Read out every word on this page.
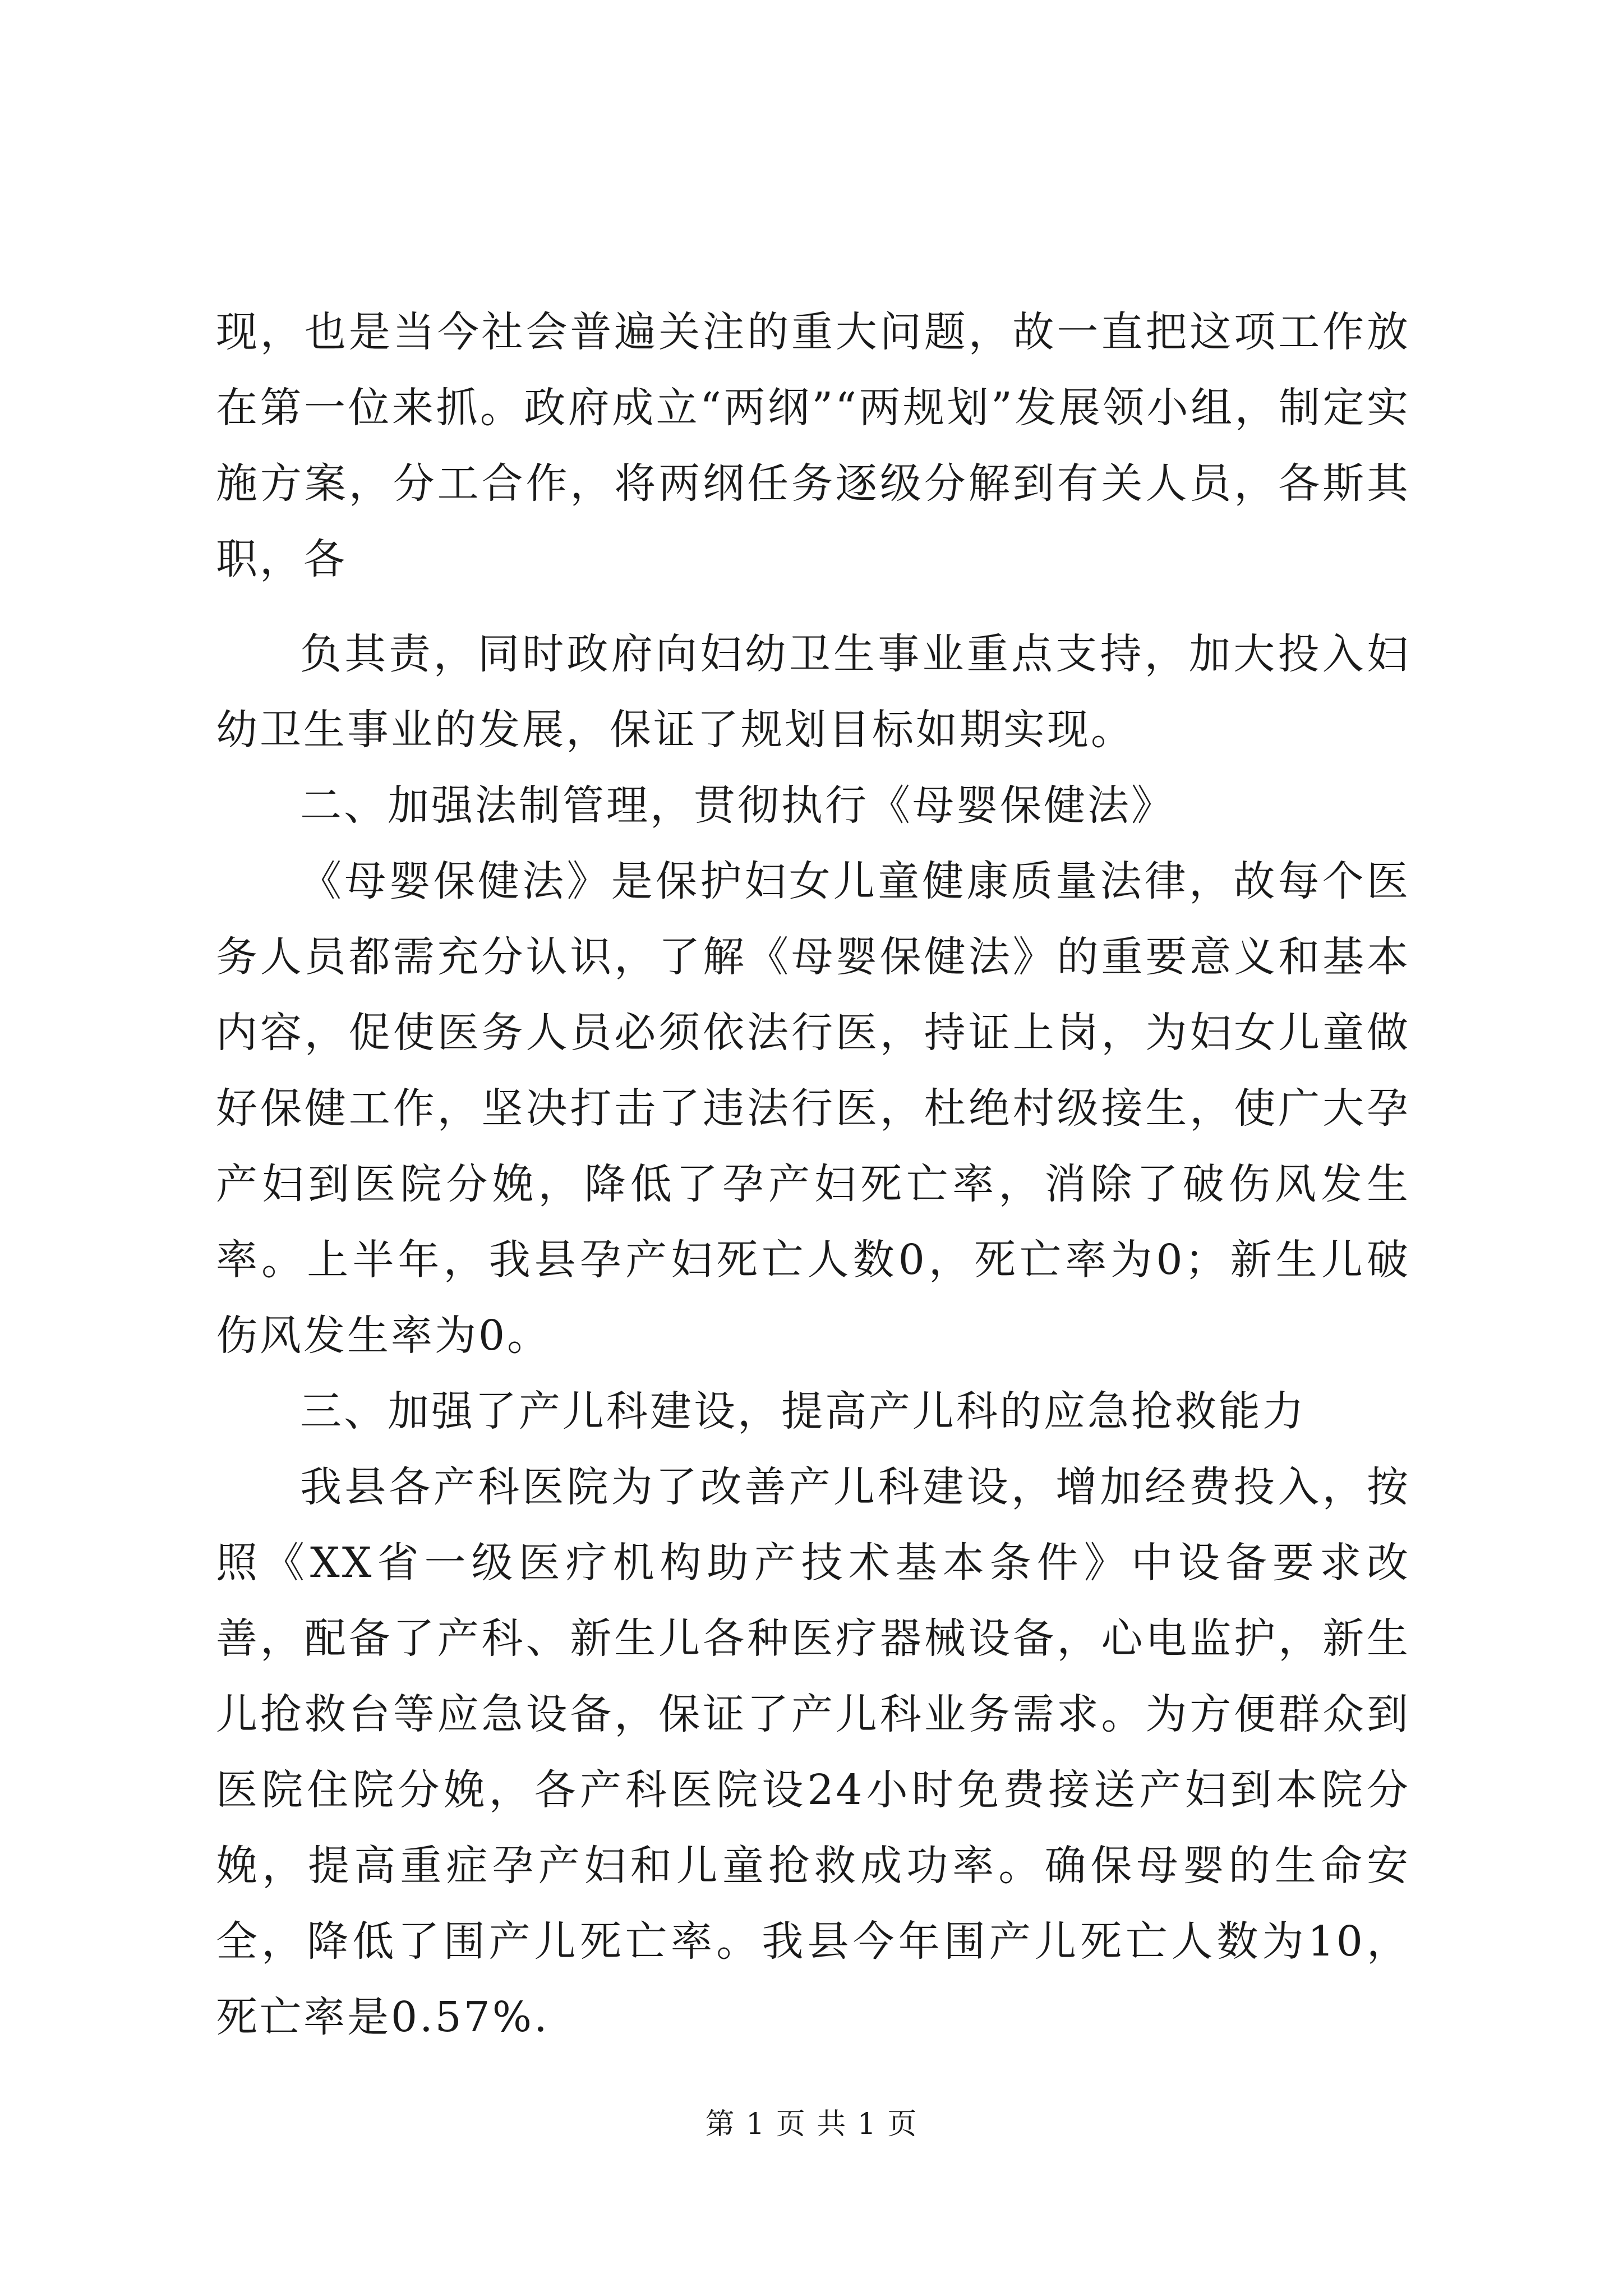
现，也是当今社会普遍关注的重大问题，故一直把这项工作放在第一位来抓。政府成立“两纲”“两规划”发展领小组，制定实施方案，分工合作，将两纲任务逐级分解到有关人员，各斯其职，各

负其责，同时政府向妇幼卫生事业重点支持，加大投入妇幼卫生事业的发展，保证了规划目标如期实现。

二、加强法制管理，贯彻执行《母婴保健法》

《母婴保健法》是保护妇女儿童健康质量法律，故每个医务人员都需充分认识，了解《母婴保健法》的重要意义和基本内容，促使医务人员必须依法行医，持证上岗，为妇女儿童做好保健工作，坚决打击了违法行医，杜绝村级接生，使广大孕产妇到医院分娩，降低了孕产妇死亡率，消除了破伤风发生率。上半年，我县孕产妇死亡人数0，死亡率为0；新生儿破伤风发生率为0。

三、加强了产儿科建设，提高产儿科的应急抢救能力

我县各产科医院为了改善产儿科建设，增加经费投入，按照《XX省一级医疗机构助产技术基本条件》中设备要求改善，配备了产科、新生儿各种医疗器械设备，心电监护，新生儿抢救台等应急设备，保证了产儿科业务需求。为方便群众到医院住院分娩，各产科医院设24小时免费接送产妇到本院分娩，提高重症孕产妇和儿童抢救成功率。确保母婴的生命安全，降低了围产儿死亡率。我县今年围产儿死亡人数为10，死亡率是0.57%.

第 1 页 共 1 页
